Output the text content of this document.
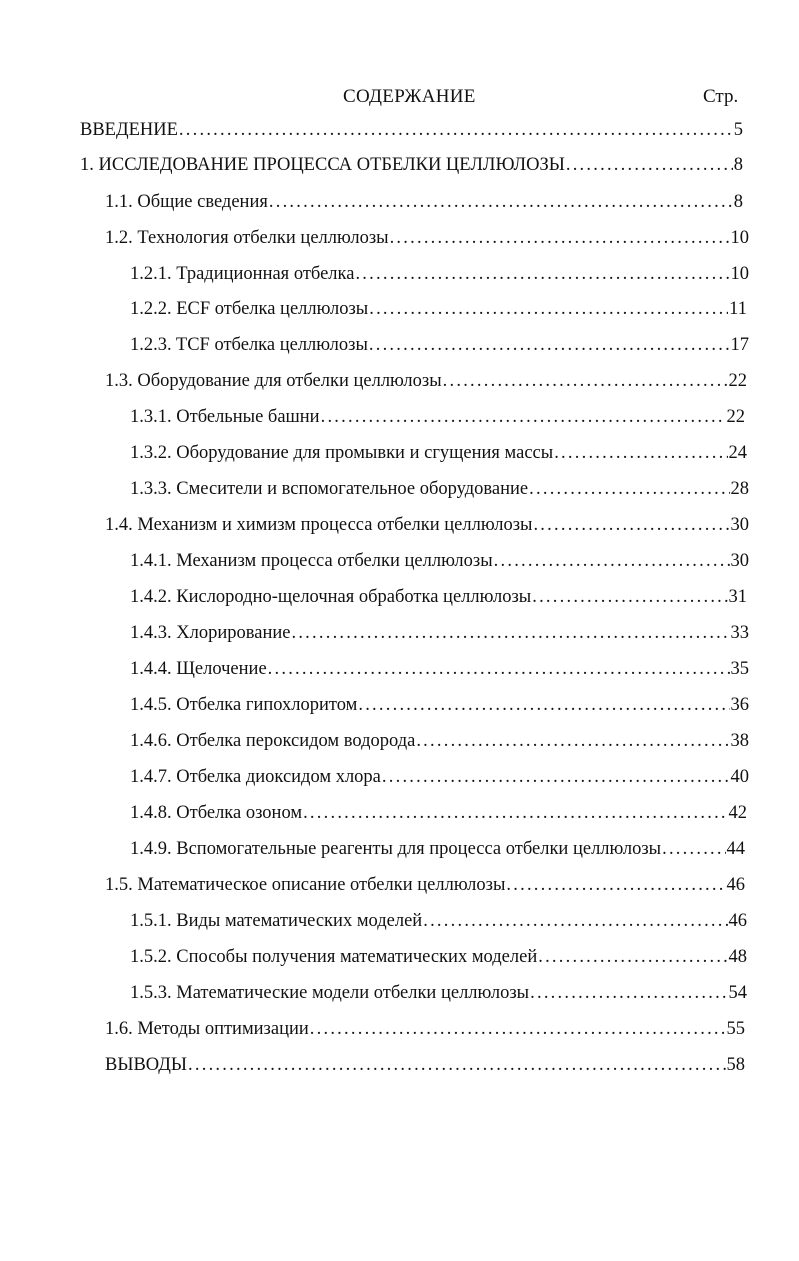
СОДЕРЖАНИЕ	Стр.
ВВЕДЕНИЕ . . .	5
1. ИССЛЕДОВАНИЕ ПРОЦЕССА ОТБЕЛКИ ЦЕЛЛЮЛОЗЫ . . .	8
1.1. Общие сведения . . .	8
1.2. Технология отбелки целлюлозы . . .	10
1.2.1. Традиционная отбелка . . .	10
1.2.2. ECF отбелка целлюлозы . . .	11
1.2.3. TCF отбелка целлюлозы . . .	17
1.3. Оборудование для отбелки целлюлозы . . .	22
1.3.1. Отбельные башни . . .	22
1.3.2. Оборудование для промывки и сгущения массы . . .	24
1.3.3. Смесители и вспомогательное оборудование . . .	28
1.4. Механизм и химизм процесса отбелки целлюлозы . . .	30
1.4.1. Механизм процесса отбелки целлюлозы . . .	30
1.4.2. Кислородно-щелочная обработка целлюлозы . . .	31
1.4.3. Хлорирование . . .	33
1.4.4. Щелочение . . .	35
1.4.5. Отбелка гипохлоритом . . .	36
1.4.6. Отбелка пероксидом водорода . . .	38
1.4.7. Отбелка диоксидом хлора . . .	40
1.4.8. Отбелка озоном . . .	42
1.4.9. Вспомогательные реагенты для процесса отбелки целлюлозы . . .	44
1.5. Математическое описание отбелки целлюлозы . . .	46
1.5.1. Виды математических моделей . . .	46
1.5.2. Способы получения математических моделей . . .	48
1.5.3. Математические модели отбелки целлюлозы . . .	54
1.6. Методы оптимизации . . .	55
ВЫВОДЫ . . .	58
